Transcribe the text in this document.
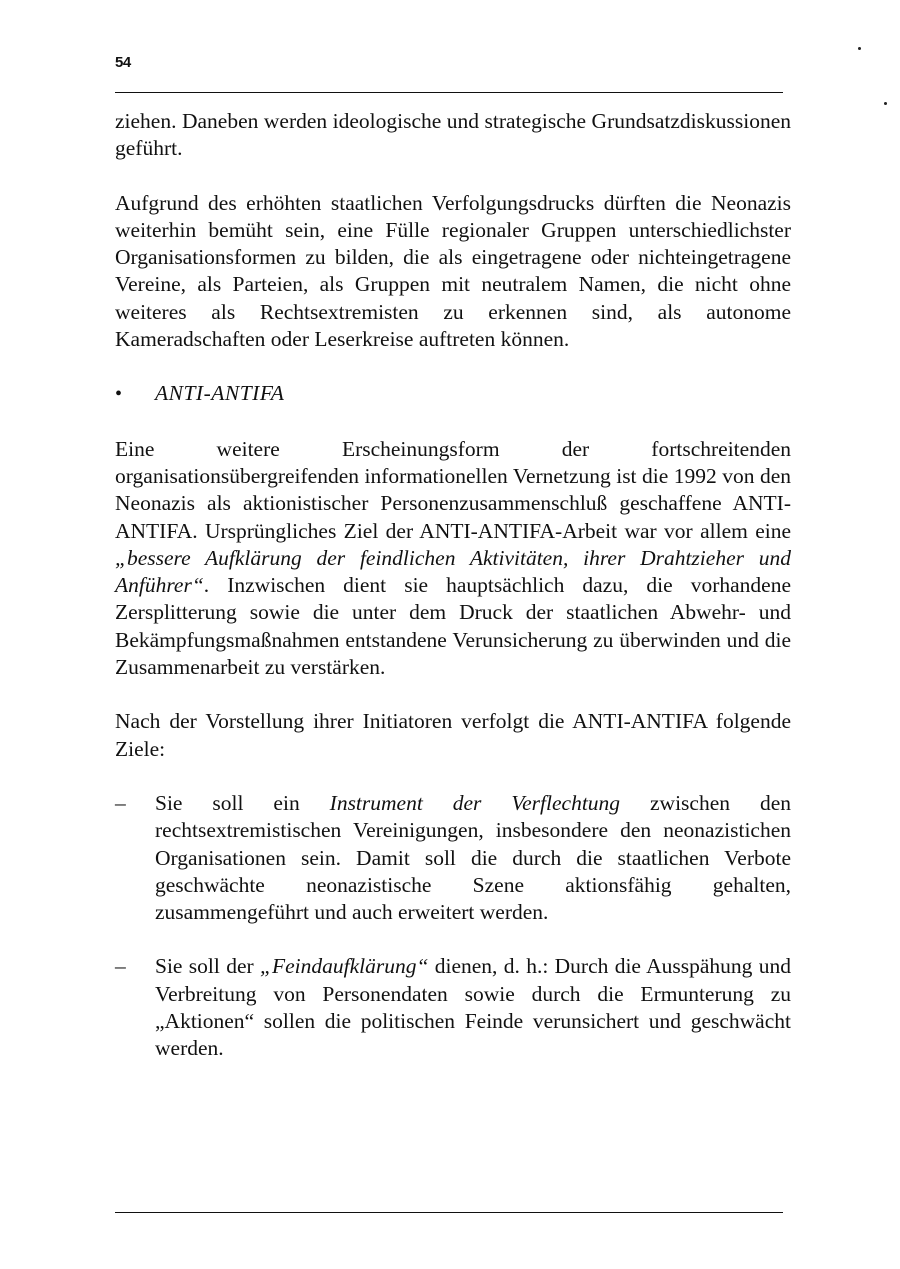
54

ziehen. Daneben werden ideologische und strategische Grundsatzdiskussionen geführt.

Aufgrund des erhöhten staatlichen Verfolgungsdrucks dürften die Neonazis weiterhin bemüht sein, eine Fülle regionaler Gruppen unterschiedlichster Organisationsformen zu bilden, die als eingetragene oder nichteingetragene Vereine, als Parteien, als Gruppen mit neutralem Namen, die nicht ohne weiteres als Rechtsextremisten zu erkennen sind, als autonome Kameradschaften oder Leserkreise auftreten können.

•	ANTI-ANTIFA

Eine weitere Erscheinungsform der fortschreitenden organisationsübergreifenden informationellen Vernetzung ist die 1992 von den Neonazis als aktionistischer Personenzusammenschluß geschaffene ANTI-ANTIFA. Ursprüngliches Ziel der ANTI-ANTIFA-Arbeit war vor allem eine „bessere Aufklärung der feindlichen Aktivitäten, ihrer Drahtzieher und Anführer“. Inzwischen dient sie hauptsächlich dazu, die vorhandene Zersplitterung sowie die unter dem Druck der staatlichen Abwehr- und Bekämpfungsmaßnahmen entstandene Verunsicherung zu überwinden und die Zusammenarbeit zu verstärken.

Nach der Vorstellung ihrer Initiatoren verfolgt die ANTI-ANTIFA folgende Ziele:

–	Sie soll ein Instrument der Verflechtung zwischen den rechtsextremistischen Vereinigungen, insbesondere den neonazistichen Organisationen sein. Damit soll die durch die staatlichen Verbote geschwächte neonazistische Szene aktionsfähig gehalten, zusammengeführt und auch erweitert werden.
–	Sie soll der „Feindaufklärung“ dienen, d. h.: Durch die Ausspähung und Verbreitung von Personendaten sowie durch die Ermunterung zu „Aktionen“ sollen die politischen Feinde verunsichert und geschwächt werden.
